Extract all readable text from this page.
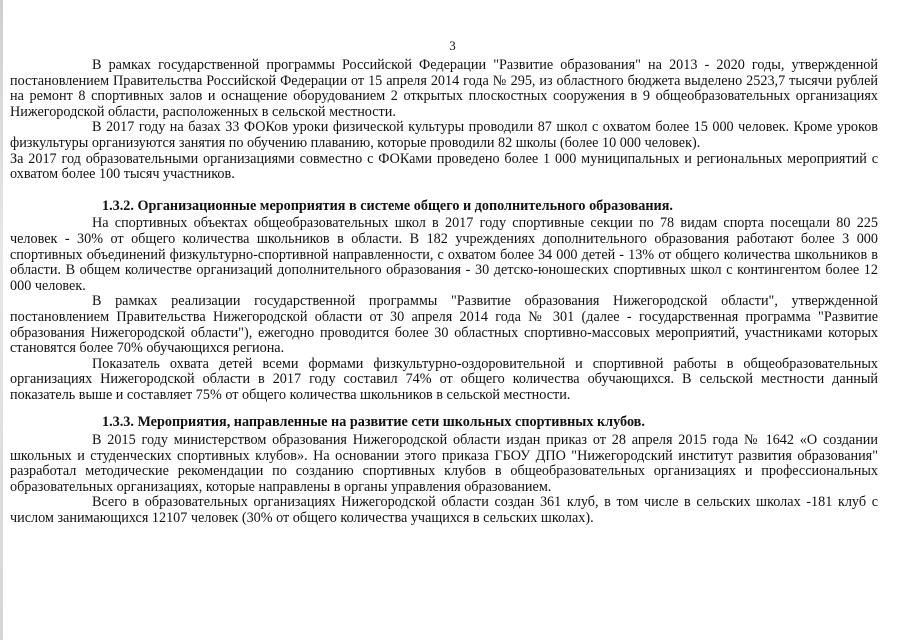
3

В рамках государственной программы Российской Федерации "Развитие образования" на 2013 - 2020 годы, утвержденной постановлением Правительства Российской Федерации от 15 апреля 2014 года № 295, из областного бюджета выделено 2523,7 тысячи рублей на ремонт 8 спортивных залов и оснащение оборудованием 2 открытых плоскостных сооружения в 9 общеобразовательных организациях Нижегородской области, расположенных в сельской местности.

В 2017 году на базах 33 ФОКов уроки физической культуры проводили 87 школ с охватом более 15 000 человек. Кроме уроков физкультуры организуются занятия по обучению плаванию, которые проводили 82 школы (более 10 000 человек).

За 2017 год образовательными организациями совместно с ФОКами проведено более 1 000 муниципальных и региональных мероприятий с охватом более 100 тысяч участников.

1.3.2. Организационные мероприятия в системе общего и дополнительного образования.

На спортивных объектах общеобразовательных школ в 2017 году спортивные секции по 78 видам спорта посещали 80 225 человек - 30% от общего количества школьников в области. В 182 учреждениях дополнительного образования работают более 3 000 спортивных объединений физкультурно-спортивной направленности, с охватом более 34 000 детей - 13% от общего количества школьников в области. В общем количестве организаций дополнительного образования - 30 детско-юношеских спортивных школ с контингентом более 12 000 человек.

В рамках реализации государственной программы "Развитие образования Нижегородской области", утвержденной постановлением Правительства Нижегородской области от 30 апреля 2014 года № 301 (далее - государственная программа "Развитие образования Нижегородской области"), ежегодно проводится более 30 областных спортивно-массовых мероприятий, участниками которых становятся более 70% обучающихся региона.

Показатель охвата детей всеми формами физкультурно-оздоровительной и спортивной работы в общеобразовательных организациях Нижегородской области в 2017 году составил 74% от общего количества обучающихся. В сельской местности данный показатель выше и составляет 75% от общего количества школьников в сельской местности.

1.3.3. Мероприятия, направленные на развитие сети школьных спортивных клубов.

В 2015 году министерством образования Нижегородской области издан приказ от 28 апреля 2015 года № 1642 «О создании школьных и студенческих спортивных клубов». На основании этого приказа ГБОУ ДПО "Нижегородский институт развития образования" разработал методические рекомендации по созданию спортивных клубов в общеобразовательных организациях и профессиональных образовательных организациях, которые направлены в органы управления образованием.

Всего в образовательных организациях Нижегородской области создан 361 клуб, в том числе в сельских школах -181 клуб с числом занимающихся 12107 человек (30% от общего количества учащихся в сельских школах).
